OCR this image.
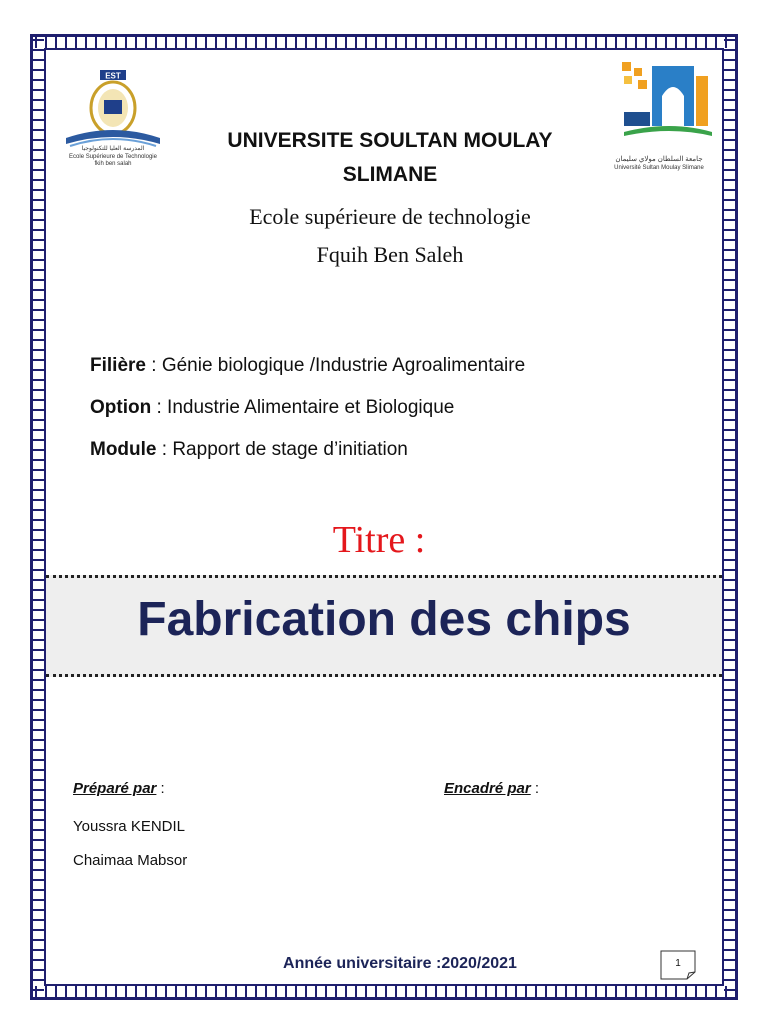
EST
المدرسة العليا للتكنولوجيا
Ecole Supérieure de Technologie
fkih ben salah
جامعة السلطان مولاي سليمان
Université Sultan Moulay Slimane
UNIVERSITE SOULTAN MOULAY
SLIMANE
Ecole supérieure de technologie
Fquih Ben Saleh
Filière : Génie biologique /Industrie Agroalimentaire
Option : Industrie Alimentaire et Biologique
Module : Rapport de stage d’initiation
Titre :
Fabrication des chips
Préparé par :	Encadré par :
Youssra KENDIL
Chaimaa Mabsor
Année universitaire :2020/2021	1
